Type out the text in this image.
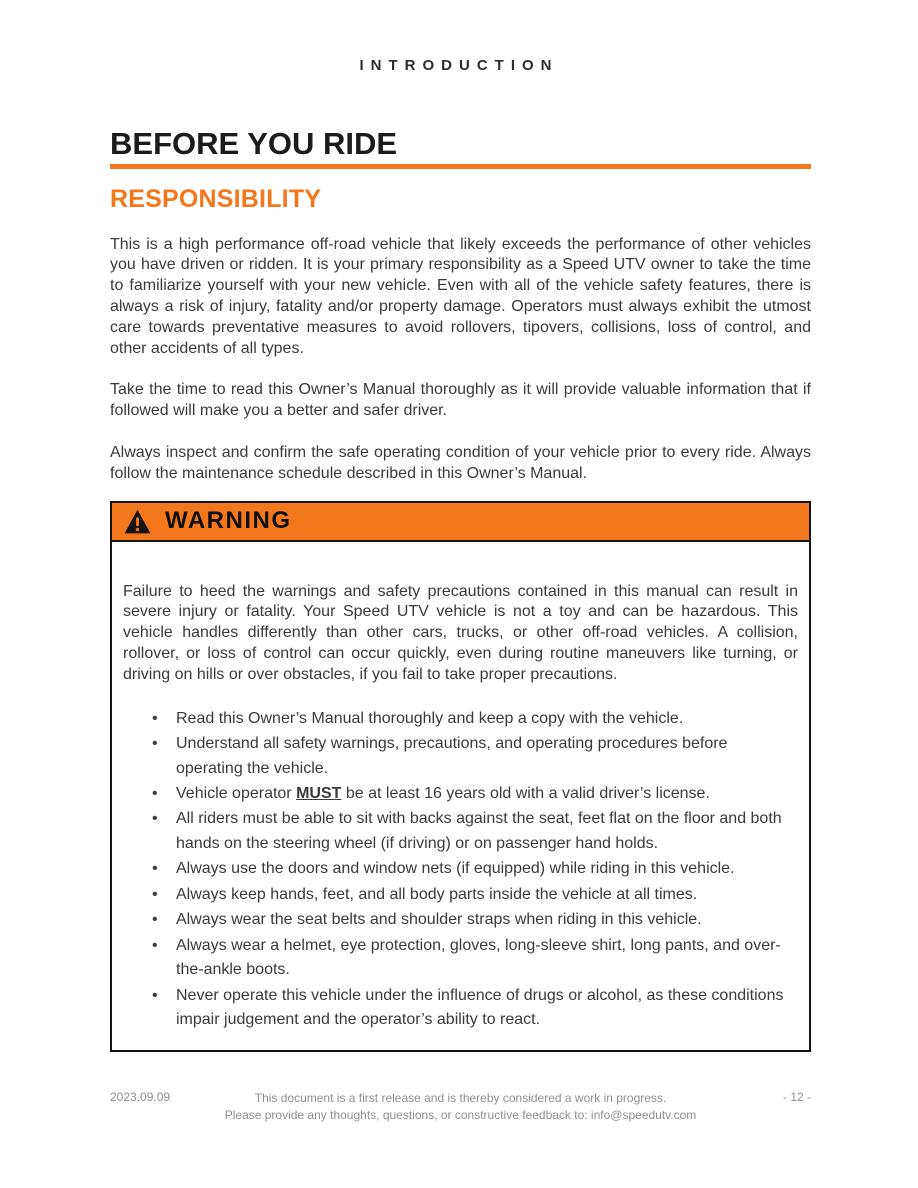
INTRODUCTION
BEFORE YOU RIDE
RESPONSIBILITY

This is a high performance off-road vehicle that likely exceeds the performance of other vehicles you have driven or ridden. It is your primary responsibility as a Speed UTV owner to take the time to familiarize yourself with your new vehicle. Even with all of the vehicle safety features, there is always a risk of injury, fatality and/or property damage. Operators must always exhibit the utmost care towards preventative measures to avoid rollovers, tipovers, collisions, loss of control, and other accidents of all types.

Take the time to read this Owner’s Manual thoroughly as it will provide valuable information that if followed will make you a better and safer driver.

Always inspect and confirm the safe operating condition of your vehicle prior to every ride. Always follow the maintenance schedule described in this Owner’s Manual.

WARNING

Failure to heed the warnings and safety precautions contained in this manual can result in severe injury or fatality. Your Speed UTV vehicle is not a toy and can be hazardous. This vehicle handles differently than other cars, trucks, or other off-road vehicles. A collision, rollover, or loss of control can occur quickly, even during routine maneuvers like turning, or driving on hills or over obstacles, if you fail to take proper precautions.

• Read this Owner’s Manual thoroughly and keep a copy with the vehicle.
• Understand all safety warnings, precautions, and operating procedures before operating the vehicle.
• Vehicle operator MUST be at least 16 years old with a valid driver’s license.
• All riders must be able to sit with backs against the seat, feet flat on the floor and both hands on the steering wheel (if driving) or on passenger hand holds.
• Always use the doors and window nets (if equipped) while riding in this vehicle.
• Always keep hands, feet, and all body parts inside the vehicle at all times.
• Always wear the seat belts and shoulder straps when riding in this vehicle.
• Always wear a helmet, eye protection, gloves, long-sleeve shirt, long pants, and over-the-ankle boots.
• Never operate this vehicle under the influence of drugs or alcohol, as these conditions impair judgement and the operator’s ability to react.
2023.09.09	This document is a first release and is thereby considered a work in progress.
Please provide any thoughts, questions, or constructive feedback to: info@speedutv.com
- 12 -
